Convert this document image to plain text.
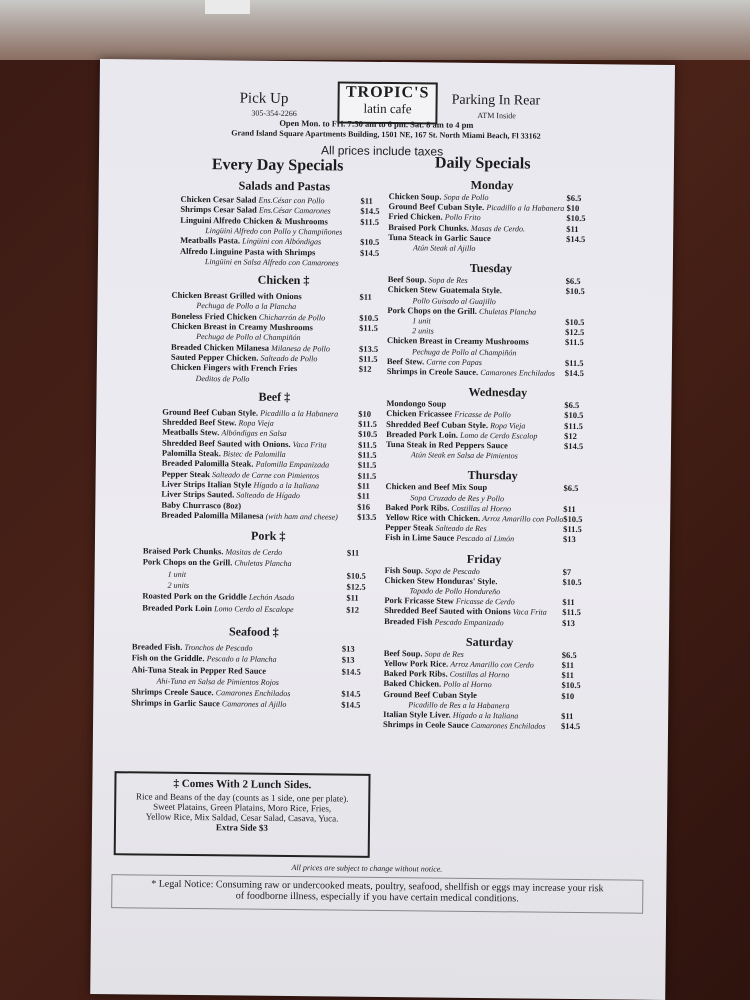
Pick Up
305-354-2266
TROPIC'S
latin cafe	Parking In Rear
ATM Inside
Open Mon. to Fri. 7:30 am to 6 pm. Sat. 8 am to 4 pm
Grand Island Square Apartments Building, 1501 NE, 167 St. North Miami Beach, Fl 33162
All prices include taxes
Every Day Specials	Daily Specials
Salads and Pastas
Chicken Cesar Salad Ens.César con Pollo	$11
Shrimps Cesar Salad Ens.César Camarones	$14.5
Linguini Alfredo Chicken & Mushrooms	$11.5
Lingüini Alfredo con Pollo y Champiñones
Meatballs Pasta. Lingüini con Albóndigas	$10.5
Alfredo Linguine Pasta with Shrimps	$14.5
Lingüini en Salsa Alfredo con Camarones
Chicken ‡
Chicken Breast Grilled with Onions	$11
Pechuga de Pollo a la Plancha
Boneless Fried Chicken Chicharrón de Pollo	$10.5
Chicken Breast in Creamy Mushrooms	$11.5
Pechuga de Pollo al Champiñón
Breaded Chicken Milanesa Milanesa de Pollo	$13.5
Sauted Pepper Chicken. Salteado de Pollo	$11.5
Chicken Fingers with French Fries	$12
Deditos de Pollo
Beef ‡
Ground Beef Cuban Style. Picadillo a la Habanera $10
Shredded Beef Stew. Ropa Vieja	$11.5
Meatballs Stew. Albóndigas en Salsa	$10.5
Shredded Beef Sauted with Onions. Vaca Frita	$11.5
Palomilla Steak. Bistec de Palomilla	$11.5
Breaded Palomilla Steak. Palomilla Empanizada	$11.5
Pepper Steak Salteado de Carne con Pimientos	$11.5
Liver Strips Italian Style Hígado a la Italiana	$11
Liver Strips Sauted. Salteado de Hígado	$11
Baby Churrasco (8oz)	$16
Breaded Palomilla Milanesa (with ham and cheese) $13.5
Pork ‡
Braised Pork Chunks. Masitas de Cerdo	$11
Pork Chops on the Grill. Chuletas Plancha
1 unit	$10.5
2 units	$12.5
Roasted Pork on the Griddle Lechón Asado	$11
Breaded Pork Loin Lomo Cerdo al Escalope	$12
Seafood ‡
Breaded Fish. Tronchos de Pescado	$13
Fish on the Griddle. Pescado a la Plancha	$13
Ahi-Tuna Steak in Pepper Red Sauce	$14.5
Ahi-Tuna en Salsa de Pimientos Rojos
Shrimps Creole Sauce. Camarones Enchilados	$14.5
Shrimps in Garlic Sauce Camarones al Ajillo	$14.5
Monday
Chicken Soup. Sopa de Pollo	$6.5
Ground Beef Cuban Style. Picadillo a la Habanera $10
Fried Chicken. Pollo Frito	$10.5
Braised Pork Chunks. Masas de Cerdo.	$11
Tuna Steack in Garlic Sauce	$14.5
Atún Steak al Ajillo
Tuesday
Beef Soup. Sopa de Res	$6.5
Chicken Stew Guatemala Style.	$10.5
Pollo Guisado al Guajillo
Pork Chops on the Grill. Chuletas Plancha
1 unit	$10.5
2 units	$12.5
Chicken Breast in Creamy Mushrooms	$11.5
Pechuga de Pollo al Champiñón
Beef Stew. Carne con Papas	$11.5
Shrimps in Creole Sauce. Camarones Enchilados $14.5
Wednesday
Mondongo Soup	$6.5
Chicken Fricassee Fricasse de Pollo	$10.5
Shredded Beef Cuban Style. Ropa Vieja	$11.5
Breaded Pork Loin. Lomo de Cerdo Escalop	$12
Tuna Steak in Red Peppers Sauce	$14.5
Atún Steak en Salsa de Pimientos
Thursday
Chicken and Beef Mix Soup	$6.5
Sopa Cruzado de Res y Pollo
Baked Pork Ribs. Costillas al Horno	$11
Yellow Rice with Chicken. Arroz Amarillo con Pollo $10.5
Pepper Steak Salteado de Res	$11.5
Fish in Lime Sauce Pescado al Limón	$13
Friday
Fish Soup. Sopa de Pescado	$7
Chicken Stew Honduras' Style.	$10.5
Tapado de Pollo Hondureño
Pork Fricasse Stew Fricasse de Cerdo	$11
Shredded Beef Sauted with Onions Vaca Frita $11.5
Breaded Fish Pescado Empanizado	$13
Saturday
Beef Soup. Sopa de Res	$6.5
Yellow Pork Rice. Arroz Amarillo con Cerdo	$11
Baked Pork Ribs. Costillas al Horno	$11
Baked Chicken. Pollo al Horno	$10.5
Ground Beef Cuban Style	$10
Picadillo de Res a la Habanera
Italian Style Liver. Hígado a la Italiana	$11
Shrimps in Ceole Sauce Camarones Enchilados $14.5
‡ Comes With 2 Lunch Sides.
Rice and Beans of the day (counts as 1 side, one per plate).
Sweet Platains, Green Platains, Moro Rice, Fries,
Yellow Rice, Mix Saldad, Cesar Salad, Casava, Yuca.
Extra Side $3
All prices are subject to change without notice.
* Legal Notice: Consuming raw or undercooked meats, poultry, seafood, shellfish or eggs may increase your risk
of foodborne illness, especially if you have certain medical conditions.
